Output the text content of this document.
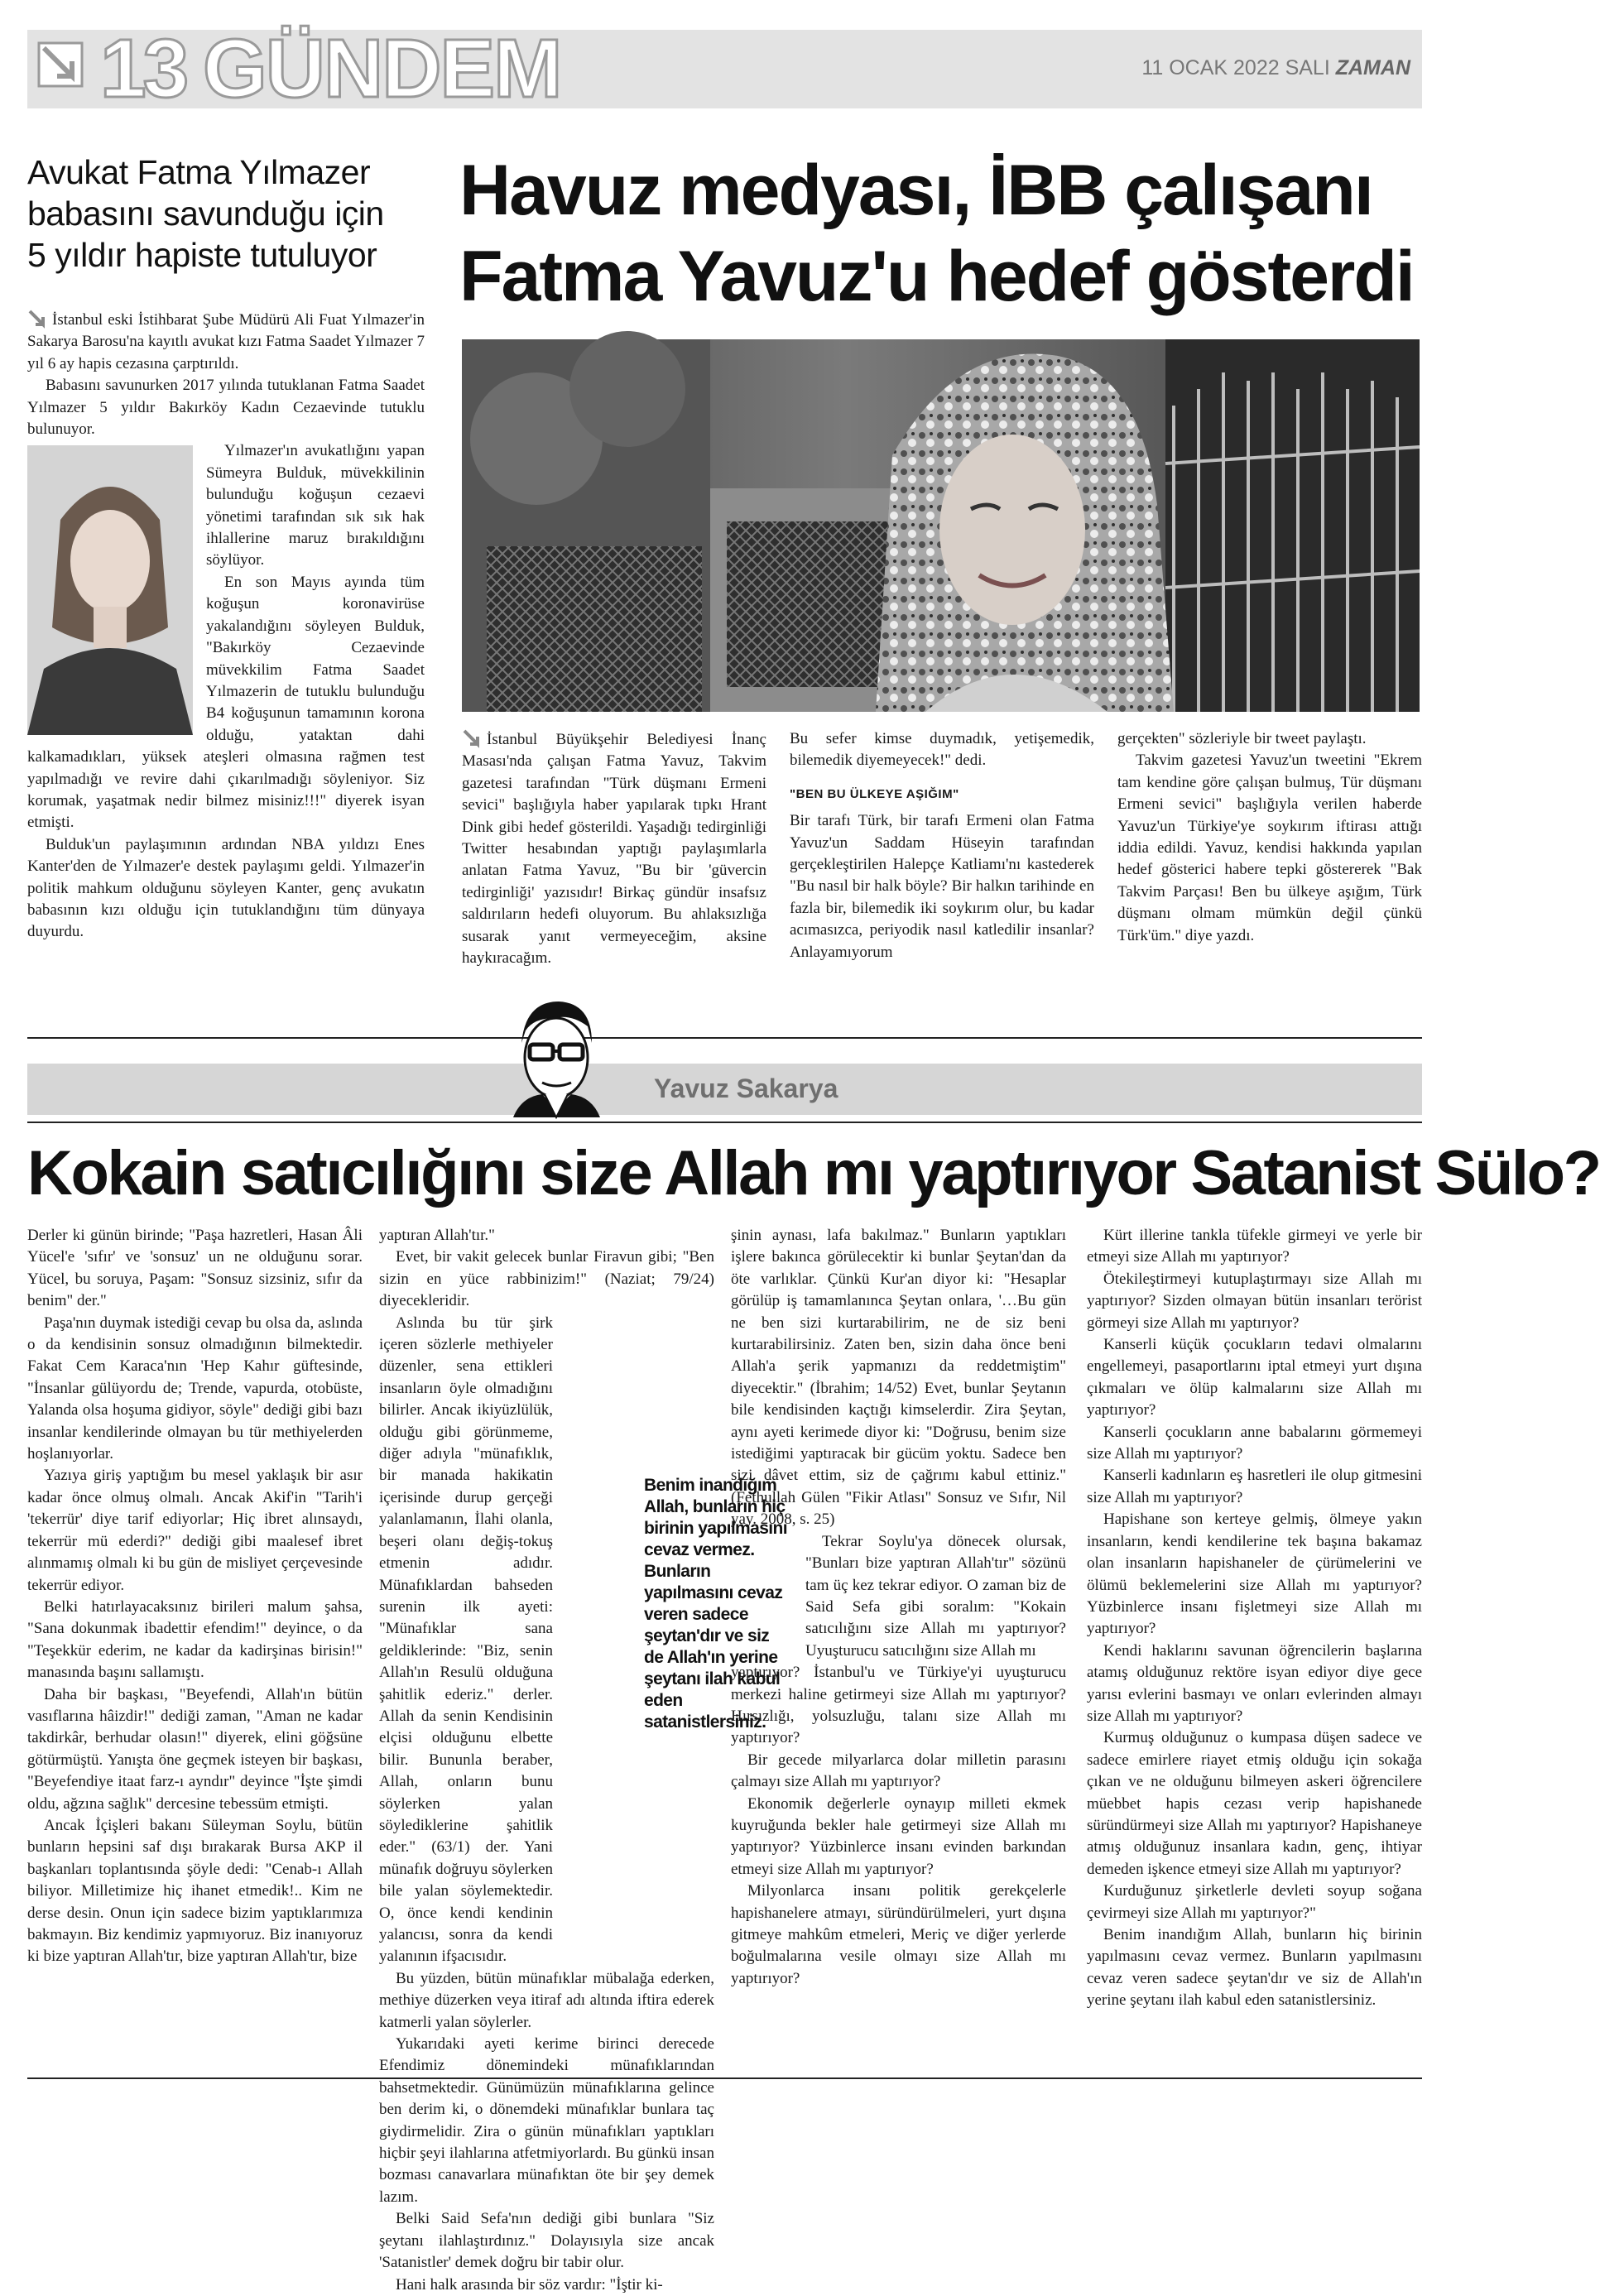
13 GÜNDEM	11 OCAK 2022 SALI ZAMAN
Avukat Fatma Yılmazer
babasını savunduğu için
5 yıldır hapiste tutuluyor

İstanbul eski İstihbarat Şube Müdürü Ali Fuat Yılmazer'in Sakarya Barosu'na kayıtlı avukat kızı Fatma Saadet Yılmazer 7 yıl 6 ay hapis cezasına çarptırıldı.

Babasını savunurken 2017 yılında tutuklanan Fatma Saadet Yılmazer 5 yıldır Bakırköy Kadın Cezaevinde tutuklu bulunuyor.

Yılmazer'ın avukatlığını yapan Sümeyra Bulduk, müvekkilinin bulunduğu koğuşun cezaevi yönetimi tarafından sık sık hak ihlallerine maruz bırakıldığını söylüyor.

En son Mayıs ayında tüm koğuşun koronavirüse yakalandığını söyleyen Bulduk, "Bakırköy Cezaevinde müvekkilim Fatma Saadet Yılmazerin de tutuklu bulunduğu B4 koğuşunun tamamının korona olduğu, yataktan dahi kalkamadıkları, yüksek ateşleri olmasına rağmen test yapılmadığı ve revire dahi çıkarılmadığı söyleniyor. Siz korumak, yaşatmak nedir bilmez misiniz!!!" diyerek isyan etmişti.

Bulduk'un paylaşımının ardından NBA yıldızı Enes Kanter'den de Yılmazer'e destek paylaşımı geldi. Yılmazer'in politik mahkum olduğunu söyleyen Kanter, genç avukatın babasının kızı olduğu için tutuklandığını tüm dünyaya duyurdu.

Havuz medyası, İBB çalışanı
Fatma Yavuz'u hedef gösterdi

İstanbul Büyükşehir Belediyesi İnanç Masası'nda çalışan Fatma Yavuz, Takvim gazetesi tarafından "Türk düşmanı Ermeni sevici" başlığıyla haber yapılarak tıpkı Hrant Dink gibi hedef gösterildi. Yaşadığı tedirginliği Twitter hesabından yaptığı paylaşımlarla anlatan Fatma Yavuz, "Bu bir 'güvercin tedirginliği' yazısıdır! Birkaç gündür insafsız saldırıların hedefi oluyorum. Bu ahlaksızlığa susarak yanıt vermeyeceğim, aksine haykıracağım.

Bu sefer kimse duymadık, yetişemedik, bilemedik diyemeyecek!" dedi.

"BEN BU ÜLKEYE AŞIĞIM"

Bir tarafı Türk, bir tarafı Ermeni olan Fatma Yavuz'un Saddam Hüseyin tarafından gerçekleştirilen Halepçe Katliamı'nı kastederek "Bu nasıl bir halk böyle? Bir halkın tarihinde en fazla bir, bilemedik iki soykırım olur, bu kadar acımasızca, periyodik nasıl katledilir insanlar? Anlayamıyorum

gerçekten" sözleriyle bir tweet paylaştı.

Takvim gazetesi Yavuz'un tweetini "Ekrem tam kendine göre çalışan bulmuş, Tür düşmanı Ermeni sevici" başlığıyla verilen haberde Yavuz'un Türkiye'ye soykırım iftirası attığı iddia edildi. Yavuz, kendisi hakkında yapılan hedef gösterici habere tepki göstererek "Bak Takvim Parçası! Ben bu ülkeye aşığım, Türk düşmanı olmam mümkün değil çünkü Türk'üm." diye yazdı.

Yavuz Sakarya
Kokain satıcılığını size Allah mı yaptırıyor Satanist Sülo?

Derler ki günün birinde; "Paşa hazretleri, Hasan Âli Yücel'e 'sıfır' ve 'sonsuz' un ne olduğunu sorar. Yücel, bu soruya, Paşam: "Sonsuz sizsiniz, sıfır da benim" der."

Paşa'nın duymak istediği cevap bu olsa da, aslında o da kendisinin sonsuz olmadığının bilmektedir. Fakat Cem Karaca'nın 'Hep Kahır güftesinde, "İnsanlar gülüyordu de; Trende, vapurda, otobüste, Yalanda olsa hoşuma gidiyor, söyle" dediği gibi bazı insanlar kendilerinde olmayan bu tür methiyelerden hoşlanıyorlar.

Yazıya giriş yaptığım bu mesel yaklaşık bir asır kadar önce olmuş olmalı. Ancak Akif'in "Tarih'i 'tekerrür' diye tarif ediyorlar; Hiç ibret alınsaydı, tekerrür mü ederdi?" dediği gibi maalesef ibret alınmamış olmalı ki bu gün de misliyet çerçevesinde tekerrür ediyor.

Belki hatırlayacaksınız birileri malum şahsa, "Sana dokunmak ibadettir efendim!" deyince, o da "Teşekkür ederim, ne kadar da kadirşinas birisin!" manasında başını sallamıştı.

Daha bir başkası, "Beyefendi, Allah'ın bütün vasıflarına hâizdir!" dediği zaman, "Aman ne kadar takdirkâr, berhudar olasın!" diyerek, elini göğsüne götürmüştü. Yanışta öne geçmek isteyen bir başkası, "Beyefendiye itaat farz-ı ayndır" deyince "İşte şimdi oldu, ağzına sağlık" dercesine tebessüm etmişti.

Ancak İçişleri bakanı Süleyman Soylu, bütün bunların hepsini saf dışı bırakarak Bursa AKP il başkanları toplantısında şöyle dedi: "Cenab-ı Allah biliyor. Milletimize hiç ihanet etmedik!.. Kim ne derse desin. Onun için sadece bizim yaptıklarımıza bakmayın. Biz kendimiz yapmıyoruz. Biz inanıyoruz ki bize yaptıran Allah'tır, bize yaptıran Allah'tır, bize

yaptıran Allah'tır."

Evet, bir vakit gelecek bunlar Firavun gibi; "Ben sizin en yüce rabbinizim!" (Naziat; 79/24) diyecekleridir.

Aslında bu tür şirk içeren sözlerle methiyeler düzenler, sena ettikleri insanların öyle olmadığını bilirler. Ancak ikiyüzlülük, olduğu gibi görünmeme, diğer adıyla "münafıklık, bir manada hakikatin içerisinde durup gerçeği yalanlamanın, İlahi olanla, beşeri olanı değiş-tokuş etmenin adıdır. Münafıklardan bahseden surenin ilk ayeti: "Münafıklar sana geldiklerinde: "Biz, senin Allah'ın Resulü olduğuna şahitlik ederiz." derler. Allah da senin Kendisinin elçisi olduğunu elbette bilir. Bununla beraber, Allah, onların bunu söylerken yalan söylediklerine şahitlik eder." (63/1) der. Yani münafık doğruyu söylerken bile yalan söylemektedir. O, önce kendi kendinin yalancısı, sonra da kendi yalanının ifşacısıdır.

Bu yüzden, bütün münafıklar mübalağa ederken, methiye düzerken veya itiraf adı altında iftira ederek katmerli yalan söylerler.

Yukarıdaki ayeti kerime birinci derecede Efendimiz dönemindeki münafıklarından bahsetmektedir. Günümüzün münafıklarına gelince ben derim ki, o dönemdeki münafıklar bunlara taç giydirmelidir. Zira o günün münafıkları yaptıkları hiçbir şeyi ilahlarına atfetmiyorlardı. Bu günkü insan bozması canavarlara münafıktan öte bir şey demek lazım.

Belki Said Sefa'nın dediği gibi bunlara "Siz şeytanı ilahlaştırdınız." Dolayısıyla size ancak 'Satanistler' demek doğru bir tabir olur.

Hani halk arasında bir söz vardır: "İştir ki-

Benim inandığım Allah, bunların hiç birinin yapılmasını cevaz vermez. Bunların yapılmasını cevaz veren sadece şeytan'dır ve siz de Allah'ın yerine şeytanı ilah kabul eden satanistlersiniz.

şinin aynası, lafa bakılmaz." Bunların yaptıkları işlere bakınca görülecektir ki bunlar Şeytan'dan da öte varlıklar. Çünkü Kur'an diyor ki: "Hesaplar görülüp iş tamamlanınca Şeytan onlara, '…Bu gün ne ben sizi kurtarabilirim, ne de siz beni kurtarabilirsiniz. Zaten ben, sizin daha önce beni Allah'a şerik yapmanızı da reddetmiştim" diyecektir." (İbrahim; 14/52) Evet, bunlar Şeytanın bile kendisinden kaçtığı kimselerdir. Zira Şeytan, aynı ayeti kerimede diyor ki: "Doğrusu, benim size istediğimi yaptıracak bir gücüm yoktu. Sadece ben sizi dâvet ettim, siz de çağrımı kabul ettiniz." (Fethullah Gülen "Fikir Atlası" Sonsuz ve Sıfır, Nil yay. 2008, s. 25)

Tekrar Soylu'ya dönecek olursak, "Bunları bize yaptıran Allah'tır" sözünü tam üç kez tekrar ediyor. O zaman biz de Said Sefa gibi soralım: "Kokain satıcılığını size Allah mı yaptırıyor? Uyuşturucu satıcılığını size Allah mı

yaptırıyor? İstanbul'u ve Türkiye'yi uyuşturucu merkezi haline getirmeyi size Allah mı yaptırıyor? Hırsızlığı, yolsuzluğu, talanı size Allah mı yaptırıyor?

Bir gecede milyarlarca dolar milletin parasını çalmayı size Allah mı yaptırıyor?

Ekonomik değerlerle oynayıp milleti ekmek kuyruğunda bekler hale getirmeyi size Allah mı yaptırıyor? Yüzbinlerce insanı evinden barkından etmeyi size Allah mı yaptırıyor?

Milyonlarca insanı politik gerekçelerle hapishanelere atmayı, süründürülmeleri, yurt dışına gitmeye mahkûm etmeleri, Meriç ve diğer yerlerde boğulmalarına vesile olmayı size Allah mı yaptırıyor?

Kürt illerine tankla tüfekle girmeyi ve yerle bir etmeyi size Allah mı yaptırıyor?

Ötekileştirmeyi kutuplaştırmayı size Allah mı yaptırıyor? Sizden olmayan bütün insanları terörist görmeyi size Allah mı yaptırıyor?

Kanserli küçük çocukların tedavi olmalarını engellemeyi, pasaportlarını iptal etmeyi yurt dışına çıkmaları ve ölüp kalmalarını size Allah mı yaptırıyor?

Kanserli çocukların anne babalarını görmemeyi size Allah mı yaptırıyor?

Kanserli kadınların eş hasretleri ile olup gitmesini size Allah mı yaptırıyor?

Hapishane son kerteye gelmiş, ölmeye yakın insanların, kendi kendilerine tek başına bakamaz olan insanların hapishaneler de çürümelerini ve ölümü beklemelerini size Allah mı yaptırıyor? Yüzbinlerce insanı fişletmeyi size Allah mı yaptırıyor?

Kendi haklarını savunan öğrencilerin başlarına atamış olduğunuz rektöre isyan ediyor diye gece yarısı evlerini basmayı ve onları evlerinden almayı size Allah mı yaptırıyor?

Kurmuş olduğunuz o kumpasa düşen sadece ve sadece emirlere riayet etmiş olduğu için sokağa çıkan ve ne olduğunu bilmeyen askeri öğrencilere müebbet hapis cezası verip hapishanede süründürmeyi size Allah mı yaptırıyor? Hapishaneye atmış olduğunuz insanlara kadın, genç, ihtiyar demeden işkence etmeyi size Allah mı yaptırıyor?

Kurduğunuz şirketlerle devleti soyup soğana çevirmeyi size Allah mı yaptırıyor?"

Benim inandığım Allah, bunların hiç birinin yapılmasını cevaz vermez. Bunların yapılmasını cevaz veren sadece şeytan'dır ve siz de Allah'ın yerine şeytanı ilah kabul eden satanistlersiniz.
